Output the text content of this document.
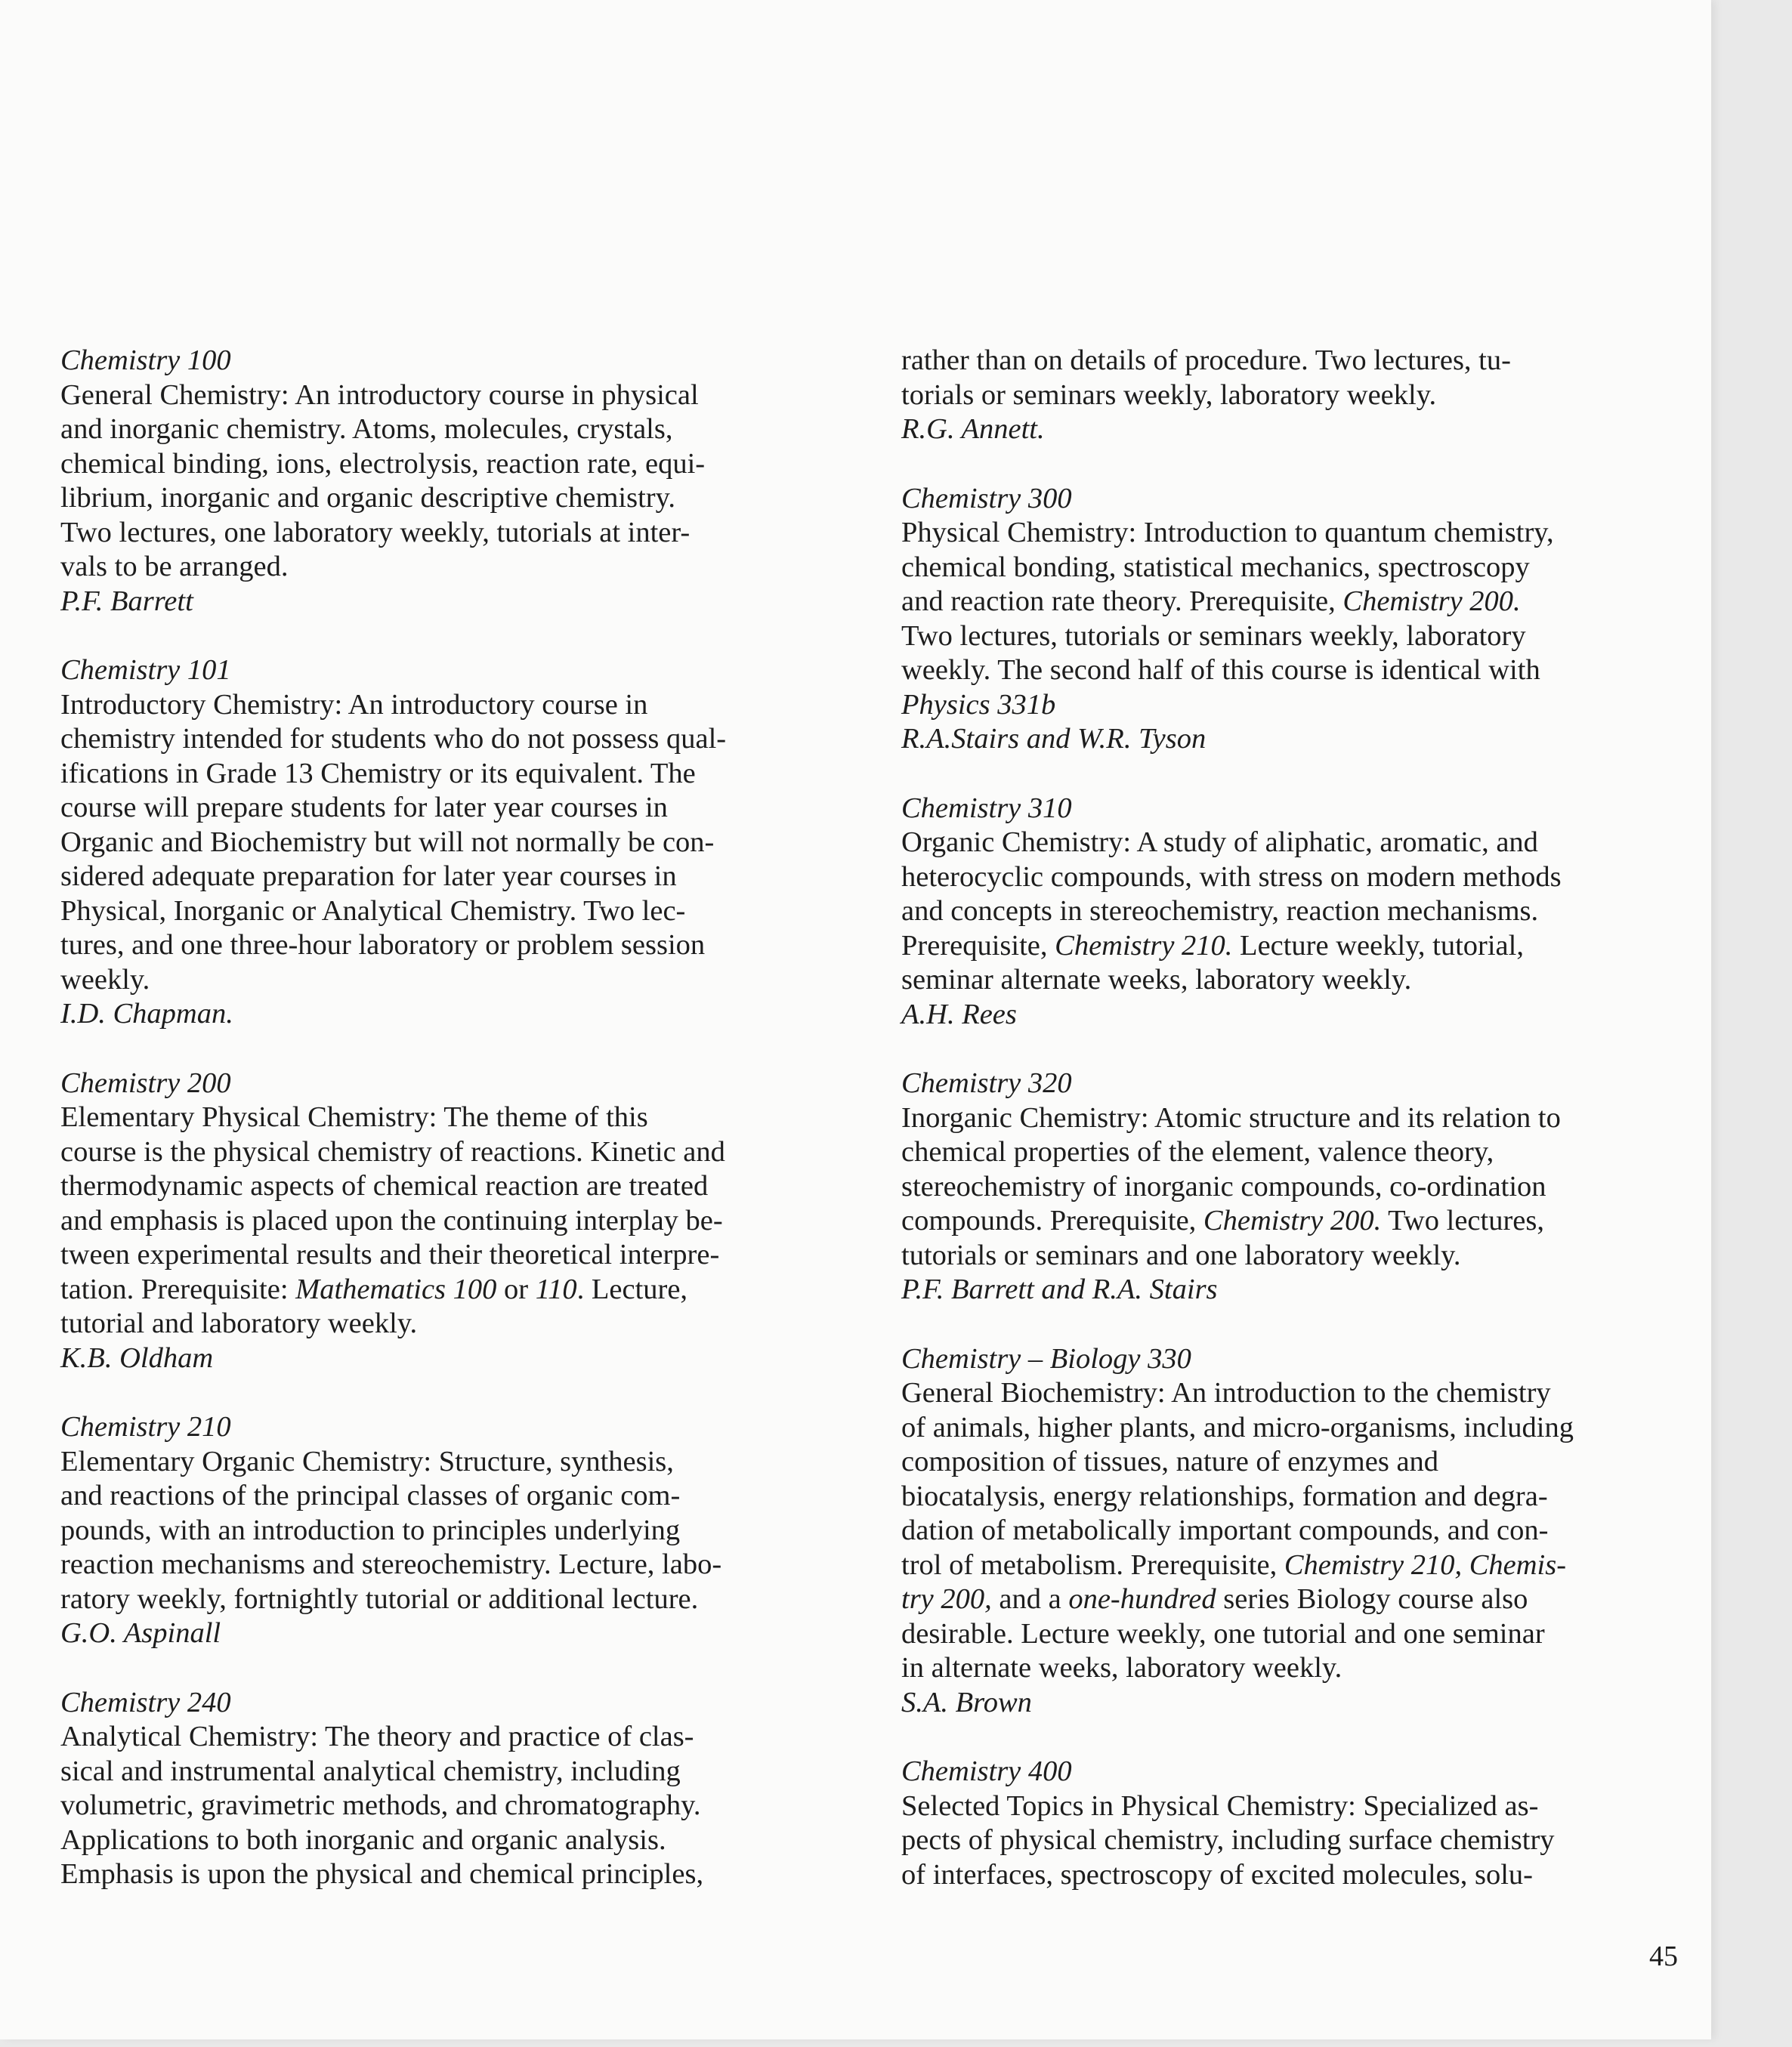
Chemistry 100
General Chemistry: An introductory course in physical
and inorganic chemistry. Atoms, molecules, crystals,
chemical binding, ions, electrolysis, reaction rate, equi-
librium, inorganic and organic descriptive chemistry.
Two lectures, one laboratory weekly, tutorials at inter-
vals to be arranged.
P.F. Barrett
Chemistry 101
Introductory Chemistry: An introductory course in
chemistry intended for students who do not possess qual-
ifications in Grade 13 Chemistry or its equivalent. The
course will prepare students for later year courses in
Organic and Biochemistry but will not normally be con-
sidered adequate preparation for later year courses in
Physical, Inorganic or Analytical Chemistry. Two lec-
tures, and one three-hour laboratory or problem session
weekly.
I.D. Chapman.
Chemistry 200
Elementary Physical Chemistry: The theme of this
course is the physical chemistry of reactions. Kinetic and
thermodynamic aspects of chemical reaction are treated
and emphasis is placed upon the continuing interplay be-
tween experimental results and their theoretical interpre-
tation. Prerequisite: Mathematics 100 or 110. Lecture,
tutorial and laboratory weekly.
K.B. Oldham
Chemistry 210
Elementary Organic Chemistry: Structure, synthesis,
and reactions of the principal classes of organic com-
pounds, with an introduction to principles underlying
reaction mechanisms and stereochemistry. Lecture, labo-
ratory weekly, fortnightly tutorial or additional lecture.
G.O. Aspinall
Chemistry 240
Analytical Chemistry: The theory and practice of clas-
sical and instrumental analytical chemistry, including
volumetric, gravimetric methods, and chromatography.
Applications to both inorganic and organic analysis.
Emphasis is upon the physical and chemical principles,
rather than on details of procedure. Two lectures, tu-
torials or seminars weekly, laboratory weekly.
R.G. Annett.
Chemistry 300
Physical Chemistry: Introduction to quantum chemistry,
chemical bonding, statistical mechanics, spectroscopy
and reaction rate theory. Prerequisite, Chemistry 200.
Two lectures, tutorials or seminars weekly, laboratory
weekly. The second half of this course is identical with
Physics 331b
R.A.Stairs and W.R. Tyson
Chemistry 310
Organic Chemistry: A study of aliphatic, aromatic, and
heterocyclic compounds, with stress on modern methods
and concepts in stereochemistry, reaction mechanisms.
Prerequisite, Chemistry 210. Lecture weekly, tutorial,
seminar alternate weeks, laboratory weekly.
A.H. Rees
Chemistry 320
Inorganic Chemistry: Atomic structure and its relation to
chemical properties of the element, valence theory,
stereochemistry of inorganic compounds, co-ordination
compounds. Prerequisite, Chemistry 200. Two lectures,
tutorials or seminars and one laboratory weekly.
P.F. Barrett and R.A. Stairs
Chemistry – Biology 330
General Biochemistry: An introduction to the chemistry
of animals, higher plants, and micro-organisms, including
composition of tissues, nature of enzymes and
biocatalysis, energy relationships, formation and degra-
dation of metabolically important compounds, and con-
trol of metabolism. Prerequisite, Chemistry 210, Chemis-
try 200, and a one-hundred series Biology course also
desirable. Lecture weekly, one tutorial and one seminar
in alternate weeks, laboratory weekly.
S.A. Brown
Chemistry 400
Selected Topics in Physical Chemistry: Specialized as-
pects of physical chemistry, including surface chemistry
of interfaces, spectroscopy of excited molecules, solu-
45
